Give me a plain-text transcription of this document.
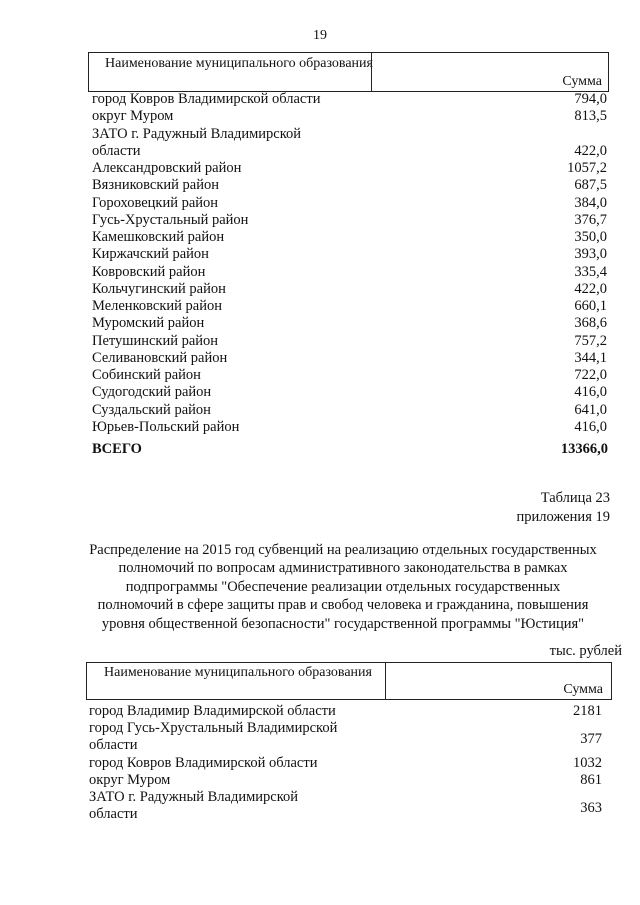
19
Наименование муниципального образования
Сумма
город Ковров Владимирской области	794,0
округ Муром	813,5
ЗАТО г. Радужный Владимирской
области	422,0
Александровский район	1057,2
Вязниковский район	687,5
Гороховецкий район	384,0
Гусь-Хрустальный район	376,7
Камешковский район	350,0
Киржачский район	393,0
Ковровский район	335,4
Кольчугинский район	422,0
Меленковский район	660,1
Муромский район	368,6
Петушинский район	757,2
Селивановский район	344,1
Собинский район	722,0
Судогодский район	416,0
Суздальский район	641,0
Юрьев-Польский район	416,0
ВСЕГО	13366,0
Таблица 23
приложения 19
Распределение на 2015 год субвенций на реализацию отдельных государственных
полномочий по вопросам административного законодательства в рамках
подпрограммы "Обеспечение реализации отдельных государственных
полномочий в сфере защиты прав и свобод человека и гражданина, повышения
уровня общественной безопасности" государственной программы "Юстиция"
тыс. рублей
Наименование муниципального образования
Сумма
город Владимир Владимирской области	2181
город Гусь-Хрустальный Владимирской
области	377
город Ковров Владимирской области	1032
округ Муром	861
ЗАТО г. Радужный Владимирской
области	363
